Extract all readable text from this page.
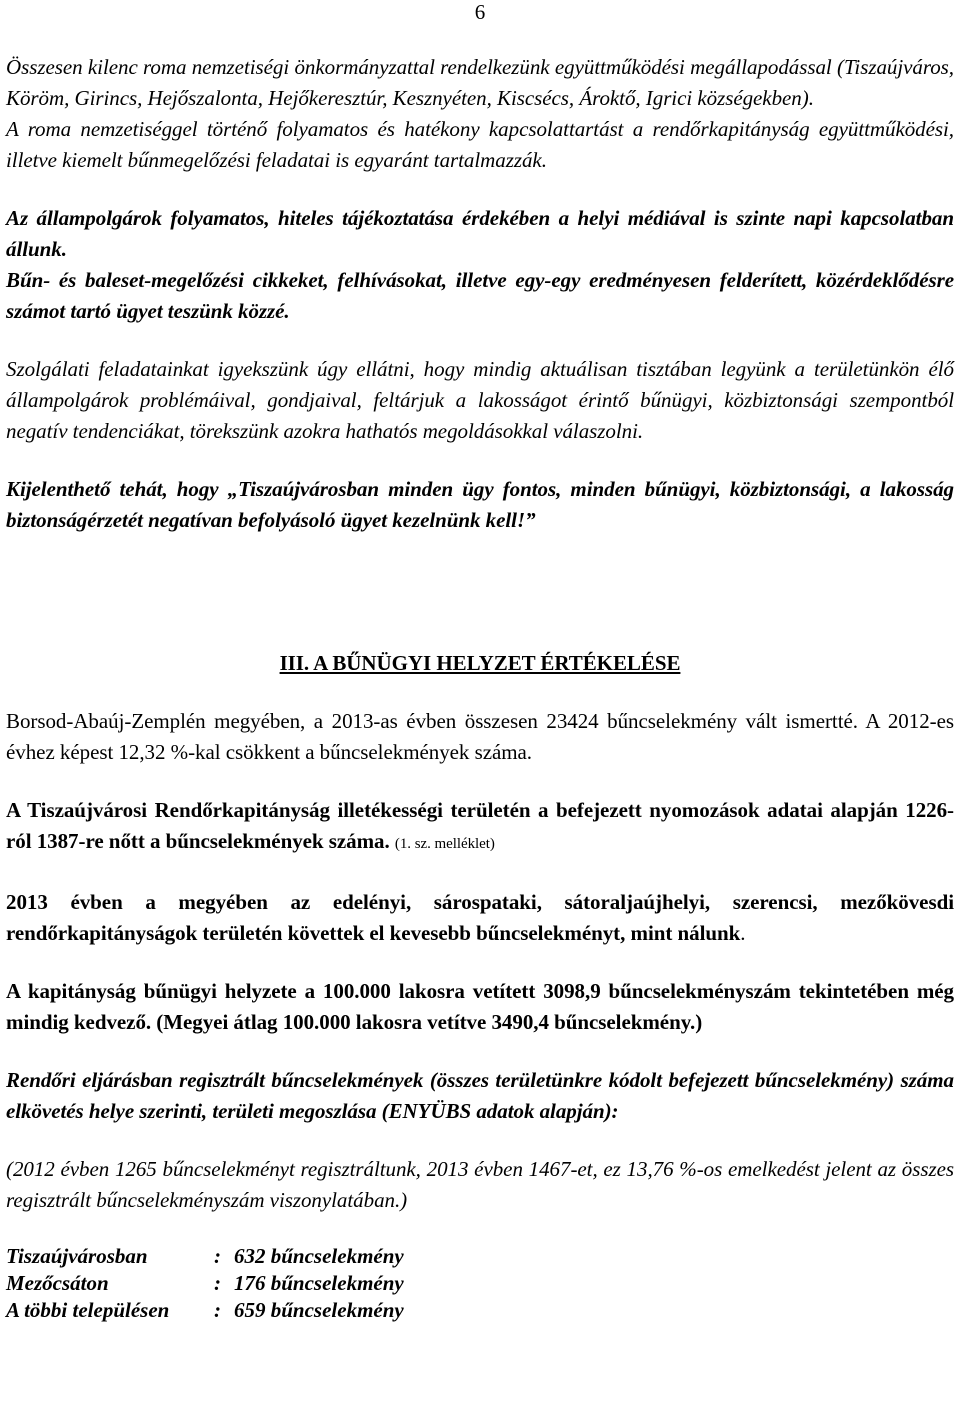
6

Összesen kilenc roma nemzetiségi önkormányzattal rendelkezünk együttműködési megállapodással (Tiszaújváros, Köröm, Girincs, Hejőszalonta, Hejőkeresztúr, Kesznyéten, Kiscsécs, Ároktő, Igrici községekben).

A roma nemzetiséggel történő folyamatos és hatékony kapcsolattartást a rendőrkapitányság együttműködési, illetve kiemelt bűnmegelőzési feladatai is egyaránt tartalmazzák.

Az állampolgárok folyamatos, hiteles tájékoztatása érdekében a helyi médiával is szinte napi kapcsolatban állunk.

Bűn- és baleset-megelőzési cikkeket, felhívásokat, illetve egy-egy eredményesen felderített, közérdeklődésre számot tartó ügyet teszünk közzé.

Szolgálati feladatainkat igyekszünk úgy ellátni, hogy mindig aktuálisan tisztában legyünk a területünkön élő állampolgárok problémáival, gondjaival, feltárjuk a lakosságot érintő bűnügyi, közbiztonsági szempontból negatív tendenciákat, törekszünk azokra hathatós megoldásokkal válaszolni.

Kijelenthető tehát, hogy „Tiszaújvárosban minden ügy fontos, minden bűnügyi, közbiztonsági, a lakosság biztonságérzetét negatívan befolyásoló ügyet kezelnünk kell!”

III. A BŰNÜGYI HELYZET ÉRTÉKELÉSE

Borsod-Abaúj-Zemplén megyében, a 2013-as évben összesen 23424 bűncselekmény vált ismertté. A 2012-es évhez képest 12,32 %-kal csökkent a bűncselekmények száma.

A Tiszaújvárosi Rendőrkapitányság illetékességi területén a befejezett nyomozások adatai alapján 1226-ról 1387-re nőtt a bűncselekmények száma. (1. sz. melléklet)

2013 évben a megyében az edelényi, sárospataki, sátoraljaújhelyi, szerencsi, mezőkövesdi rendőrkapitányságok területén követtek el kevesebb bűncselekményt, mint nálunk.

A kapitányság bűnügyi helyzete a 100.000 lakosra vetített 3098,9 bűncselekményszám tekintetében még mindig kedvező. (Megyei átlag 100.000 lakosra vetítve 3490,4 bűncselekmény.)

Rendőri eljárásban regisztrált bűncselekmények (összes területünkre kódolt befejezett bűncselekmény) száma elkövetés helye szerinti, területi megoszlása (ENYÜBS adatok alapján):

(2012 évben 1265 bűncselekményt regisztráltunk, 2013 évben 1467-et, ez 13,76 %-os emelkedést jelent az összes regisztrált bűncselekményszám viszonylatában.)

Tiszaújvárosban	: 632 bűncselekmény
Mezőcsáton	: 176 bűncselekmény
A többi településen	: 659 bűncselekmény
